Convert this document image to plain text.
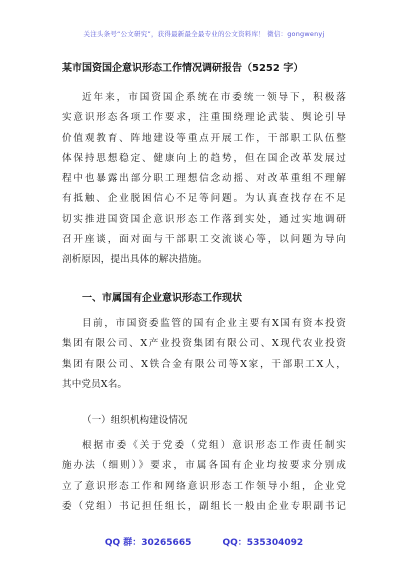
关注头条号“公文研究”，获得最新最全最专业的公文资料库！ 微信：gongwenyj
某市国资国企意识形态工作情况调研报告（5252 字）

近年来，市国资国企系统在市委统一领导下，积极落
实意识形态各项工作要求，注重围绕理论武装、舆论引导
价值观教育、阵地建设等重点开展工作，干部职工队伍整
体保持思想稳定、健康向上的趋势，但在国企改革发展过
程中也暴露出部分职工理想信念动摇、对改革重组不理解
有抵触、企业脱困信心不足等问题。为认真查找存在不足
切实推进国资国企意识形态工作落到实处，通过实地调研
召开座谈，面对面与干部职工交流谈心等，以问题为导向
剖析原因，提出具体的解决措施。

一、市属国有企业意识形态工作现状

目前，市国资委监管的国有企业主要有X国有资本投资
集团有限公司、X产业投资集团有限公司、X现代农业投资
集团有限公司、X铁合金有限公司等X家，干部职工X人，
其中党员X名。

（一）组织机构建设情况

根据市委《关于党委（党组）意识形态工作责任制实
施办法（细则）》要求，市属各国有企业均按要求分别成
立了意识形态工作和网络意识形态工作领导小组，企业党
委（党组）书记担任组长，副组长一般由企业专职副书记

QQ 群：30265665	QQ：535304092
